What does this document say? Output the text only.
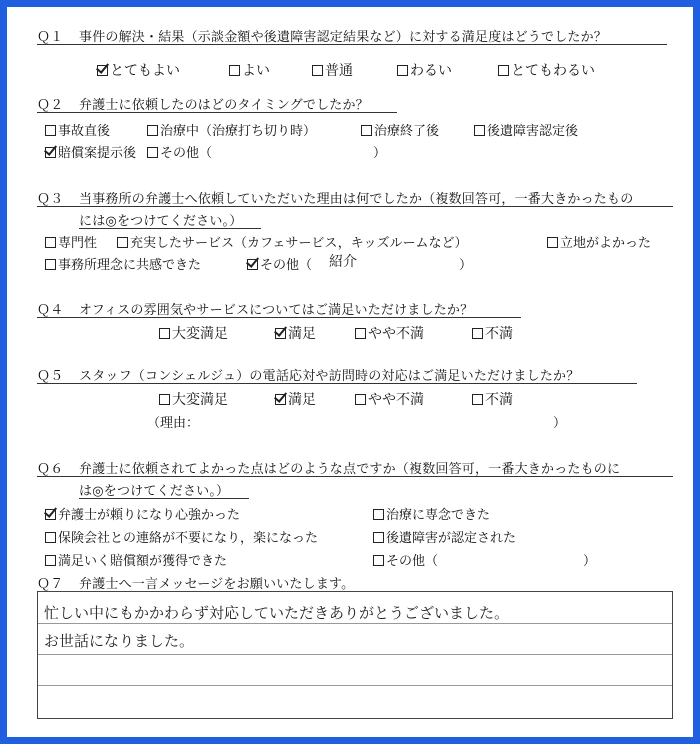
Ｑ１ 事件の解決・結果（示談金額や後遺障害認定結果など）に対する満足度はどうでしたか？
とてもよい	よい	普通	わるい	とてもわるい
Ｑ２ 弁護士に依頼したのはどのタイミングでしたか？
事故直後	治療中（治療打ち切り時）	治療終了後	後遺障害認定後
賠償案提示後	その他（	）
Ｑ３ 当事務所の弁護士へ依頼していただいた理由は何でしたか（複数回答可，一番大きかったもの
には◎をつけてください。）
専門性	充実したサービス（カフェサービス，キッズルームなど）	立地がよかった
事務所理念に共感できた	その他（ 紹介	）
Ｑ４ オフィスの雰囲気やサービスについてはご満足いただけましたか？
大変満足	満足	やや不満	不満
Ｑ５ スタッフ（コンシェルジュ）の電話応対や訪問時の対応はご満足いただけましたか？
大変満足	満足	やや不満	不満
（理由：	）
Ｑ６ 弁護士に依頼されてよかった点はどのような点ですか（複数回答可，一番大きかったものに
は◎をつけてください。）
弁護士が頼りになり心強かった	治療に専念できた
保険会社との連絡が不要になり，楽になった	後遺障害が認定された
満足いく賠償額が獲得できた	その他（	）
Ｑ７ 弁護士へ一言メッセージをお願いいたします。
忙しい中にもかかわらず対応していただきありがとうございました。
お世話になりました。
